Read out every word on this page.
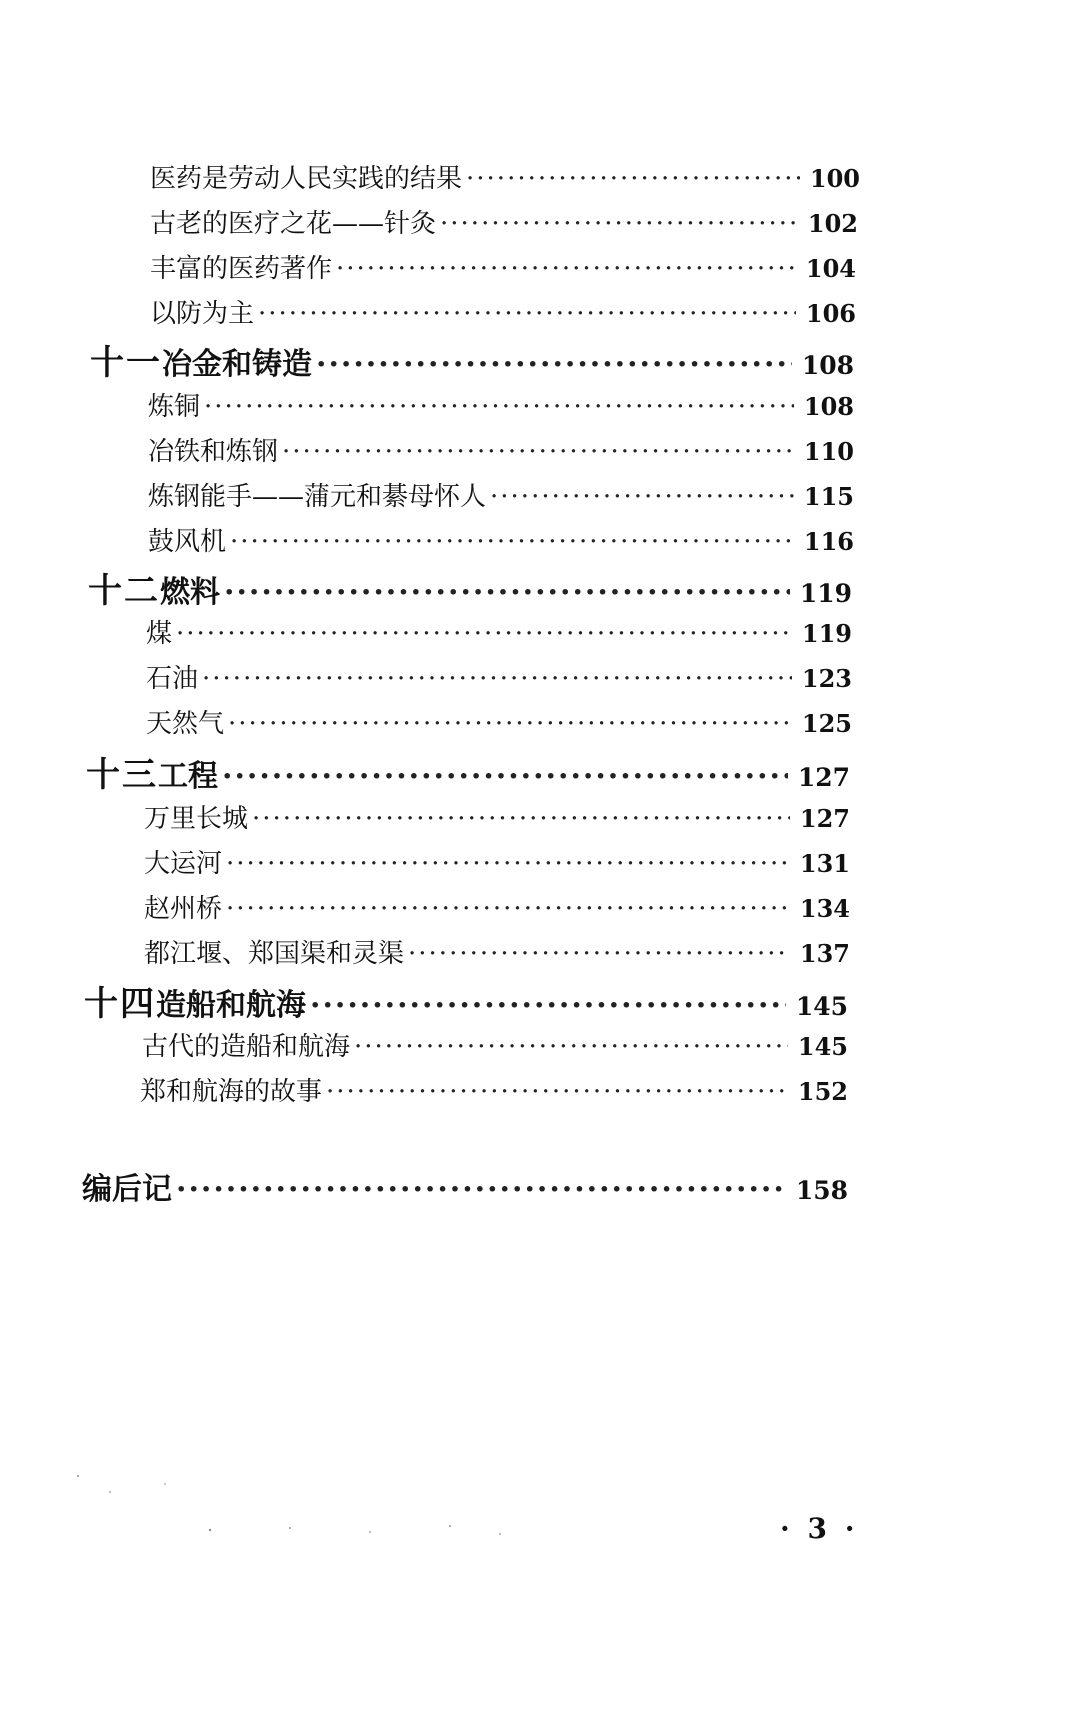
医药是劳动人民实践的结果 ·····	100
古老的医疗之花——针灸 ·····	102
丰富的医药著作 ·····	104
以防为主 ·····	106
十一 冶金和铸造 ·····	108
炼铜 ·····	108
冶铁和炼钢 ·····	110
炼钢能手——蒲元和綦母怀人 ·····	115
鼓风机 ·····	116
十二 燃料 ·····	119
煤 ·····	119
石油 ·····	123
天然气 ·····	125
十三 工程 ·····	127
万里长城 ·····	127
大运河 ·····	131
赵州桥 ·····	134
都江堰、郑国渠和灵渠 ·····	137
十四 造船和航海 ·····	145
古代的造船和航海 ·····	145
郑和航海的故事 ·····	152
编后记 ·····	158
· 3 ·
